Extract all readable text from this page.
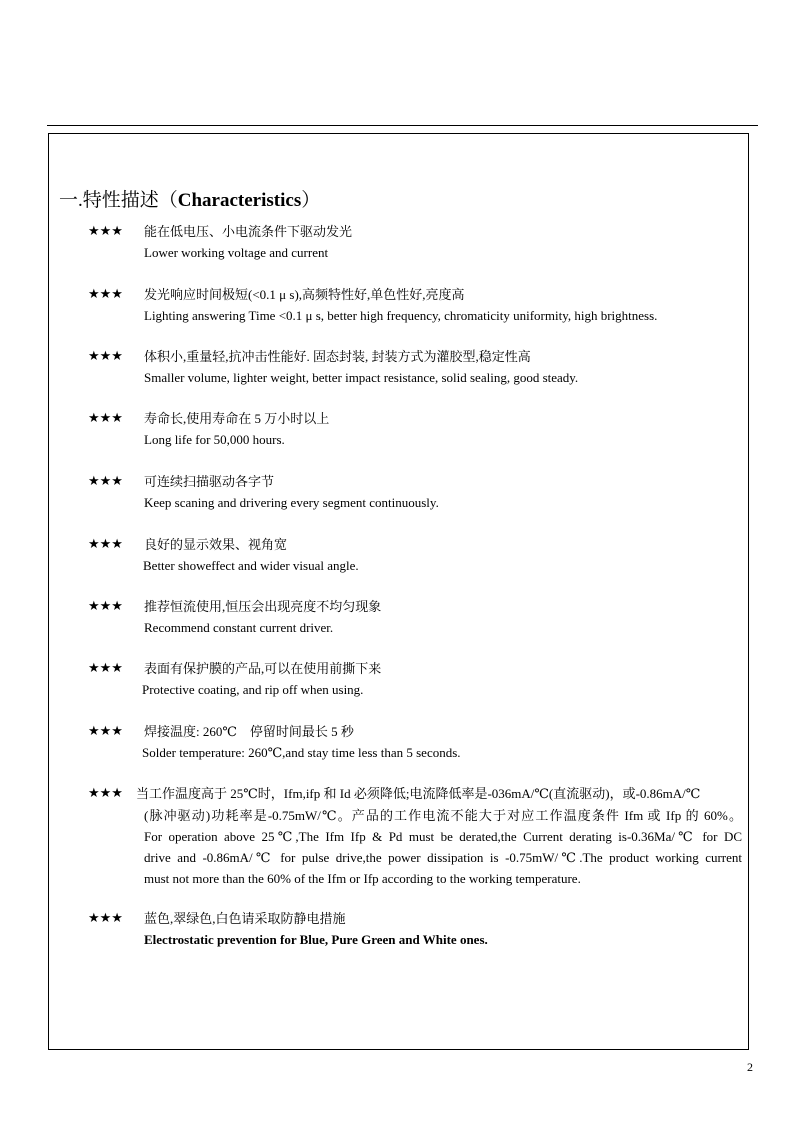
一.特性描述（Characteristics）
★★★ 能在低电压、小电流条件下驱动发光
Lower working voltage and current
★★★ 发光响应时间极短(<0.1 μ s),高频特性好,单色性好,亮度高
Lighting answering Time <0.1 μ s, better high frequency, chromaticity uniformity, high brightness.
★★★ 体积小,重量轻,抗冲击性能好. 固态封装, 封装方式为灌胶型,稳定性高
Smaller volume, lighter weight, better impact resistance, solid sealing, good steady.
★★★ 寿命长,使用寿命在 5 万小时以上
Long life for 50,000 hours.
★★★ 可连续扫描驱动各字节
Keep scaning and drivering every segment continuously.
★★★ 良好的显示效果、视角宽
Better showeffect and wider visual angle.
★★★ 推荐恒流使用,恒压会出现亮度不均匀现象
Recommend constant current driver.
★★★ 表面有保护膜的产品,可以在使用前撕下来
Protective coating, and rip off when using.
★★★ 焊接温度: 260℃    停留时间最长 5 秒
Solder temperature: 260℃,and stay time less than 5 seconds.
★★★ 当工作温度高于 25℃时，Ifm,ifp 和 Id 必须降低;电流降低率是-036mA/℃(直流驱动)，或-0.86mA/℃
(脉冲驱动)功耗率是-0.75mW/℃。产品的工作电流不能大于对应工作温度条件 Ifm 或 Ifp 的 60%。
For operation above 25℃,The Ifm Ifp & Pd must be derated,the Current derating is-0.36Ma/℃ for DC
drive and -0.86mA/℃ for pulse drive,the power dissipation is -0.75mW/℃.The product working current
must not more than the 60% of the Ifm or Ifp according to the working temperature.
★★★ 蓝色,翠绿色,白色请采取防静电措施
Electrostatic prevention for Blue, Pure Green and White ones.
2
